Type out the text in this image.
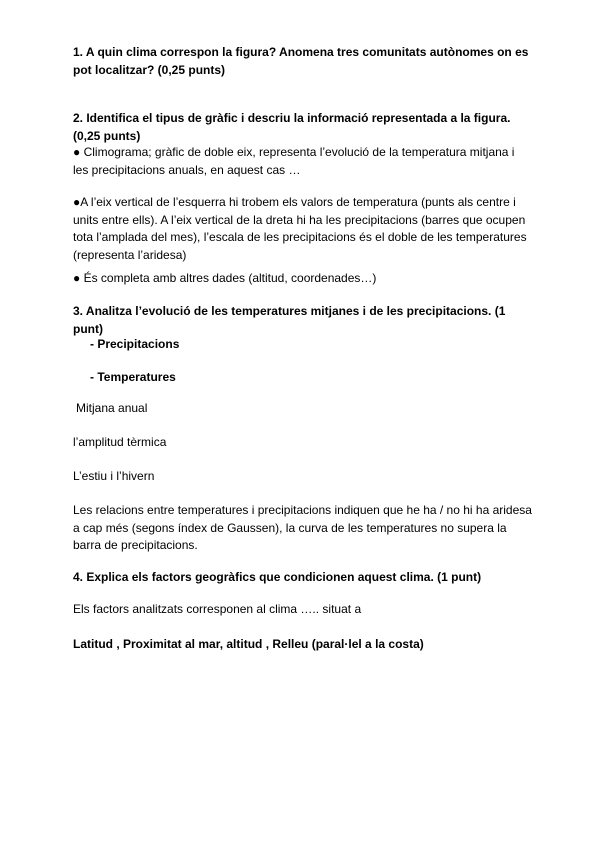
1. A quin clima correspon la figura? Anomena tres comunitats autònomes on es pot localitzar? (0,25 punts)

2. Identifica el tipus de gràfic i descriu la informació representada a la figura. (0,25 punts)

● Climograma; gràfic de doble eix, representa l’evolució de la temperatura mitjana i les precipitacions anuals, en aquest cas …

●A l’eix vertical de l’esquerra hi trobem els valors de temperatura (punts als centre i units entre ells). A l’eix vertical de la dreta hi ha les precipitacions (barres que ocupen tota l’amplada del mes), l’escala de les precipitacions és el doble de les temperatures (representa l’aridesa)

● És completa amb altres dades (altitud, coordenades…)

3. Analitza l’evolució de les temperatures mitjanes i de les precipitacions. (1 punt)

- Precipitacions

- Temperatures

Mitjana anual

l’amplitud tèrmica

L’estiu i l’hivern

Les relacions entre temperatures i precipitacions indiquen que he ha / no hi ha aridesa a cap més (segons índex de Gaussen), la curva de les temperatures no supera la barra de precipitacions.

4. Explica els factors geogràfics que condicionen aquest clima. (1 punt)

Els factors analitzats corresponen al clima ….. situat a

Latitud , Proximitat al mar, altitud , Relleu (paral·lel a la costa)
